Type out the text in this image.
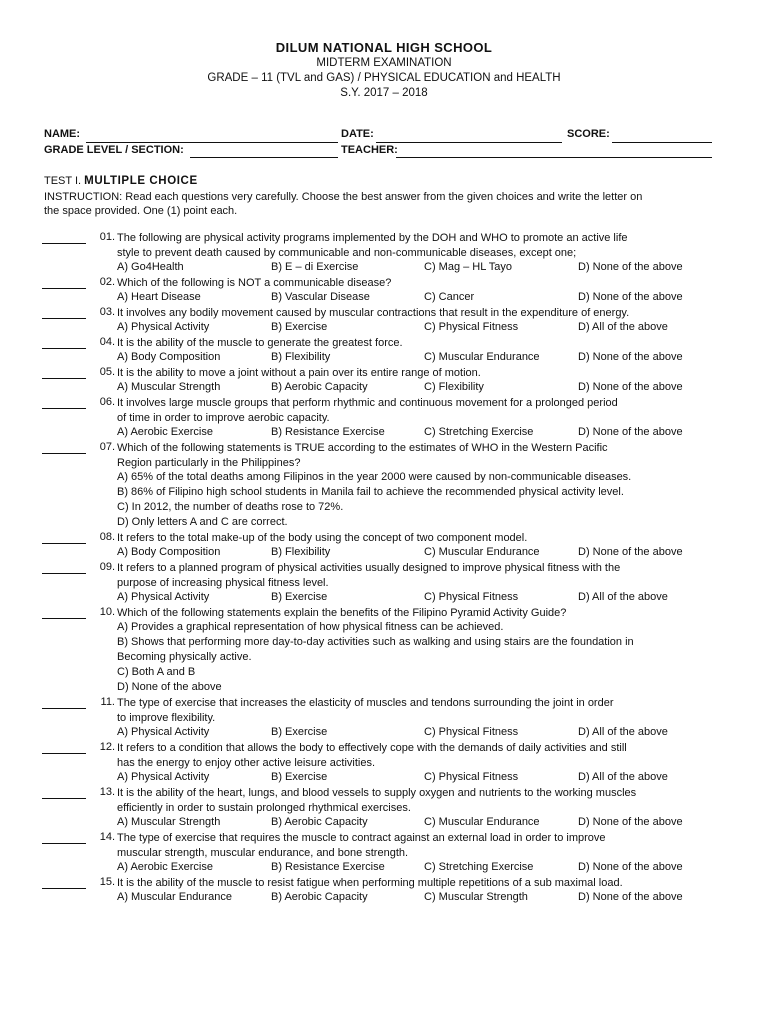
DILUM NATIONAL HIGH SCHOOL
MIDTERM EXAMINATION
GRADE – 11 (TVL and GAS) / PHYSICAL EDUCATION and HEALTH
S.Y. 2017 – 2018
NAME:	DATE:	SCORE:
GRADE LEVEL / SECTION:	TEACHER:
TEST I. MULTIPLE CHOICE
INSTRUCTION: Read each questions very carefully. Choose the best answer from the given choices and write the letter on
the space provided. One (1) point each.
01. The following are physical activity programs implemented by the DOH and WHO to promote an active life
style to prevent death caused by communicable and non-communicable diseases, except one;
A) Go4Health	B) E – di Exercise	C) Mag – HL Tayo	D) None of the above
02. Which of the following is NOT a communicable disease?
A) Heart Disease	B) Vascular Disease	C) Cancer	D) None of the above
03. It involves any bodily movement caused by muscular contractions that result in the expenditure of energy.
A) Physical Activity	B) Exercise	C) Physical Fitness	D) All of the above
04. It is the ability of the muscle to generate the greatest force.
A) Body Composition	B) Flexibility	C) Muscular Endurance	D) None of the above
05. It is the ability to move a joint without a pain over its entire range of motion.
A) Muscular Strength	B) Aerobic Capacity	C) Flexibility	D) None of the above
06. It involves large muscle groups that perform rhythmic and continuous movement for a prolonged period
of time in order to improve aerobic capacity.
A) Aerobic Exercise	B) Resistance Exercise	C) Stretching Exercise	D) None of the above
07. Which of the following statements is TRUE according to the estimates of WHO in the Western Pacific
Region particularly in the Philippines?
A) 65% of the total deaths among Filipinos in the year 2000 were caused by non-communicable diseases.
B) 86% of Filipino high school students in Manila fail to achieve the recommended physical activity level.
C) In 2012, the number of deaths rose to 72%.
D) Only letters A and C are correct.
08. It refers to the total make-up of the body using the concept of two component model.
A) Body Composition	B) Flexibility	C) Muscular Endurance	D) None of the above
09. It refers to a planned program of physical activities usually designed to improve physical fitness with the
purpose of increasing physical fitness level.
A) Physical Activity	B) Exercise	C) Physical Fitness	D) All of the above
10. Which of the following statements explain the benefits of the Filipino Pyramid Activity Guide?
A) Provides a graphical representation of how physical fitness can be achieved.
B) Shows that performing more day-to-day activities such as walking and using stairs are the foundation in
Becoming physically active.
C) Both A and B
D) None of the above
11. The type of exercise that increases the elasticity of muscles and tendons surrounding the joint in order
to improve flexibility.
A) Physical Activity	B) Exercise	C) Physical Fitness	D) All of the above
12. It refers to a condition that allows the body to effectively cope with the demands of daily activities and still
has the energy to enjoy other active leisure activities.
A) Physical Activity	B) Exercise	C) Physical Fitness	D) All of the above
13. It is the ability of the heart, lungs, and blood vessels to supply oxygen and nutrients to the working muscles
efficiently in order to sustain prolonged rhythmical exercises.
A) Muscular Strength	B) Aerobic Capacity	C) Muscular Endurance	D) None of the above
14. The type of exercise that requires the muscle to contract against an external load in order to improve
muscular strength, muscular endurance, and bone strength.
A) Aerobic Exercise	B) Resistance Exercise	C) Stretching Exercise	D) None of the above
15. It is the ability of the muscle to resist fatigue when performing multiple repetitions of a sub maximal load.
A) Muscular Endurance	B) Aerobic Capacity	C) Muscular Strength	D) None of the above
